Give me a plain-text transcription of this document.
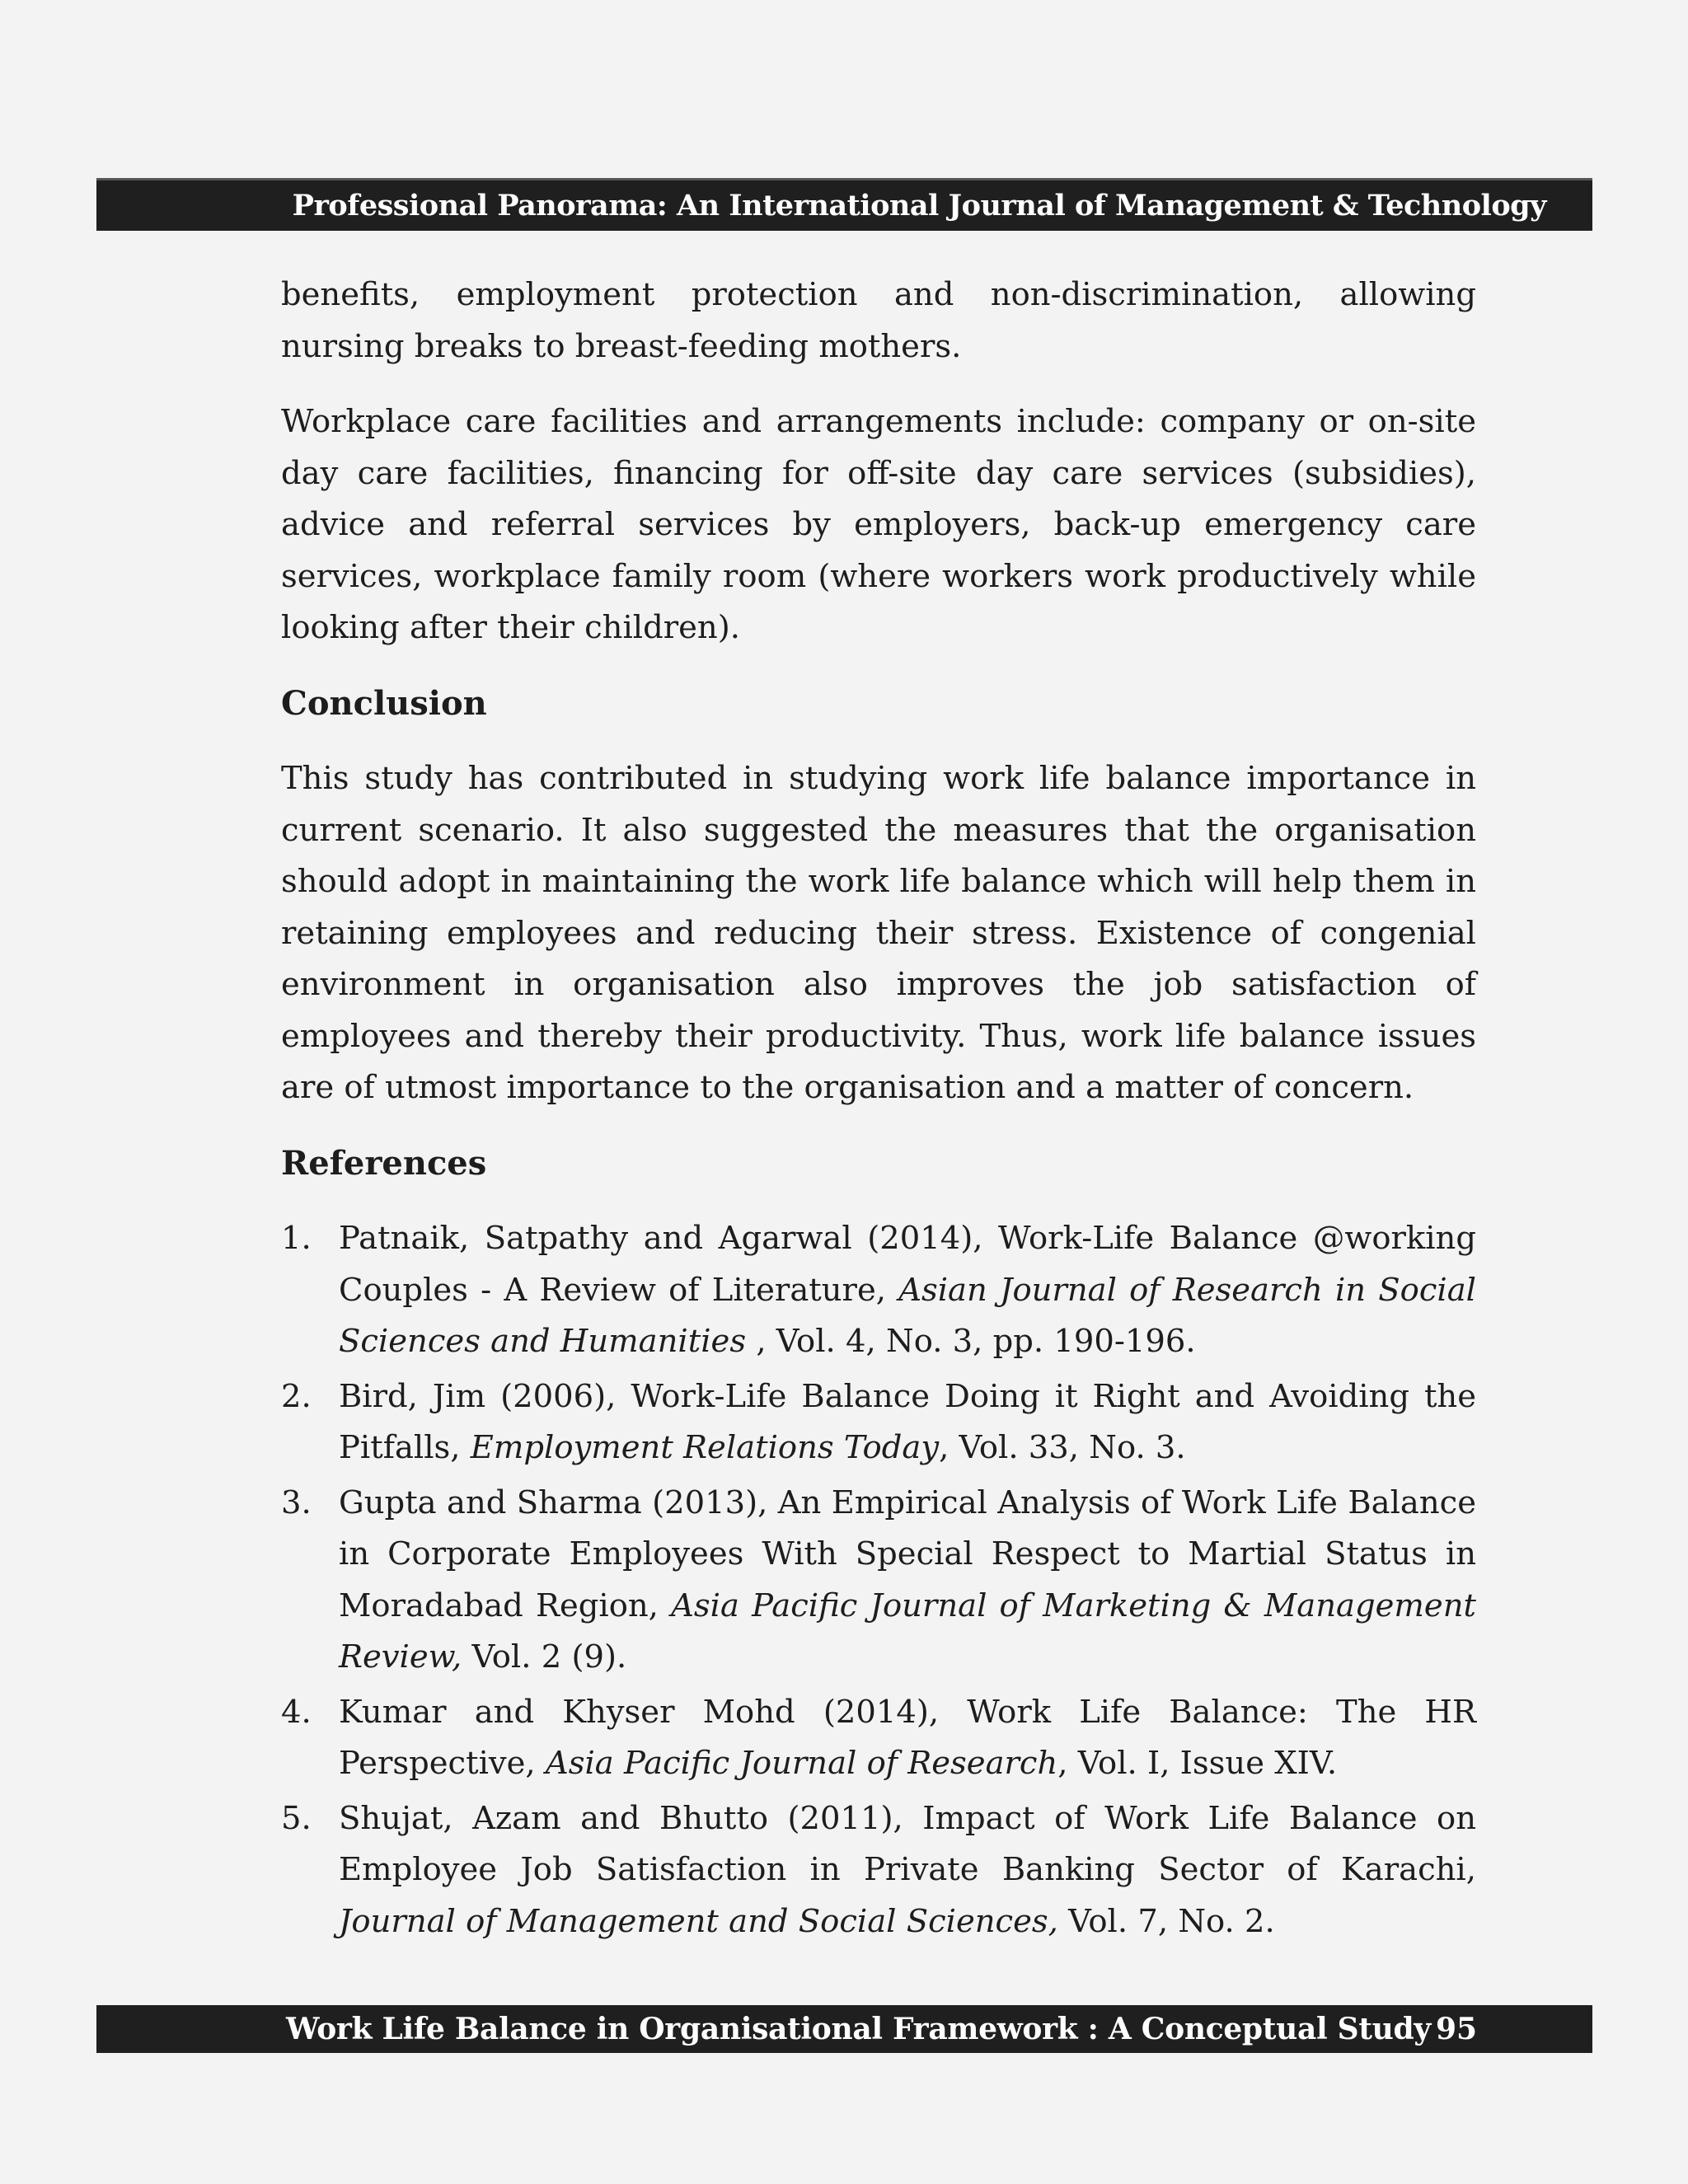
Professional Panorama: An International Journal of Management & Technology

benefits, employment protection and non-discrimination, allowing nursing breaks to breast-feeding mothers.

Workplace care facilities and arrangements include: company or on-site day care facilities, financing for off-site day care services (subsidies), advice and referral services by employers, back-up emergency care services, workplace family room (where workers work productively while looking after their children).

Conclusion

This study has contributed in studying work life balance importance in current scenario. It also suggested the measures that the organisation should adopt in maintaining the work life balance which will help them in retaining employees and reducing their stress. Existence of congenial environment in organisation also improves the job satisfaction of employees and thereby their productivity. Thus, work life balance issues are of utmost importance to the organisation and a matter of concern.

References
1. Patnaik, Satpathy and Agarwal (2014), Work-Life Balance @working Couples - A Review of Literature, Asian Journal of Research in Social Sciences and Humanities , Vol. 4, No. 3, pp. 190-196.
2. Bird, Jim (2006), Work-Life Balance Doing it Right and Avoiding the Pitfalls, Employment Relations Today, Vol. 33, No. 3.
3. Gupta and Sharma (2013), An Empirical Analysis of Work Life Balance in Corporate Employees With Special Respect to Martial Status in Moradabad Region, Asia Pacific Journal of Marketing & Management Review, Vol. 2 (9).
4. Kumar and Khyser Mohd (2014), Work Life Balance: The HR Perspective, Asia Pacific Journal of Research, Vol. I, Issue XIV.
5. Shujat, Azam and Bhutto (2011), Impact of Work Life Balance on Employee Job Satisfaction in Private Banking Sector of Karachi, Journal of Management and Social Sciences, Vol. 7, No. 2.
Work Life Balance in Organisational Framework : A Conceptual Study 95
